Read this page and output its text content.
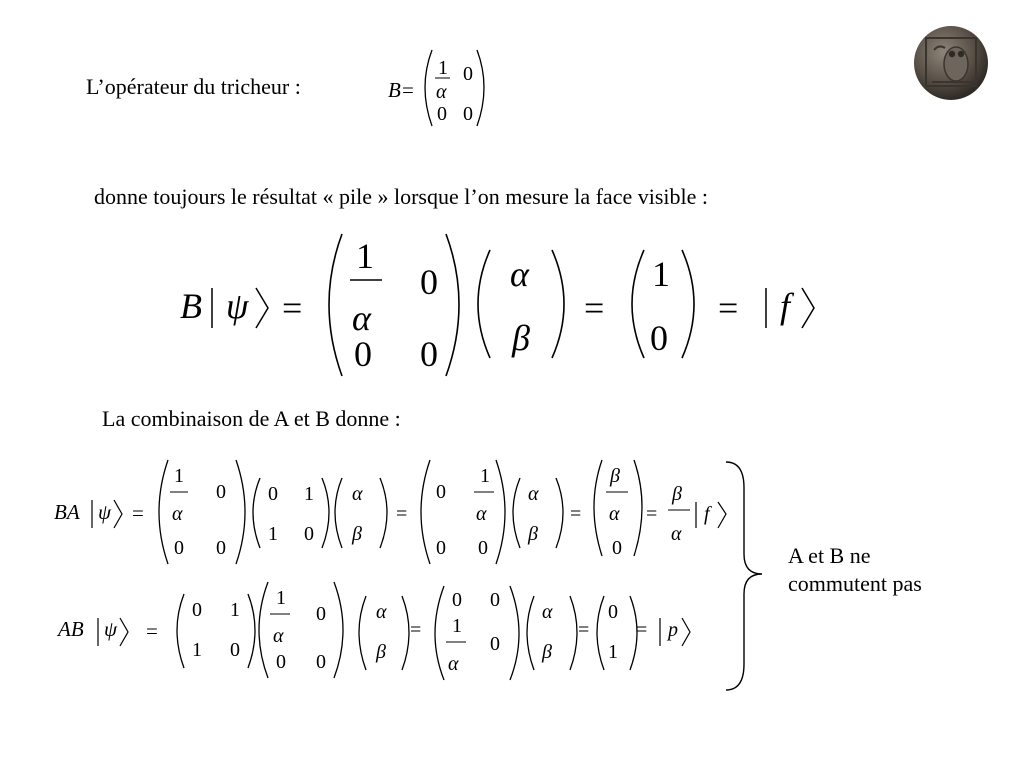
L’opérateur du tricheur :	B =
1
α
0
0 0
donne toujours le résultat « pile » lorsque l’on mesure la face visible :
B ψ =
1
α
0
0 0
α
β
=
1
0
= f
La combinaison de A et B donne :
BA ψ =
1
α
0
0 0
0 1
1 0
α
β
=
0
1
α
0 0
α
β
=
β
α
0
=
β
α
f
AB ψ =
0 1
1 0
1
α
0
0 0
α
β
=
0 0
1
α
0
α
β
=
0
1
= p
A et B ne
commutent pas
